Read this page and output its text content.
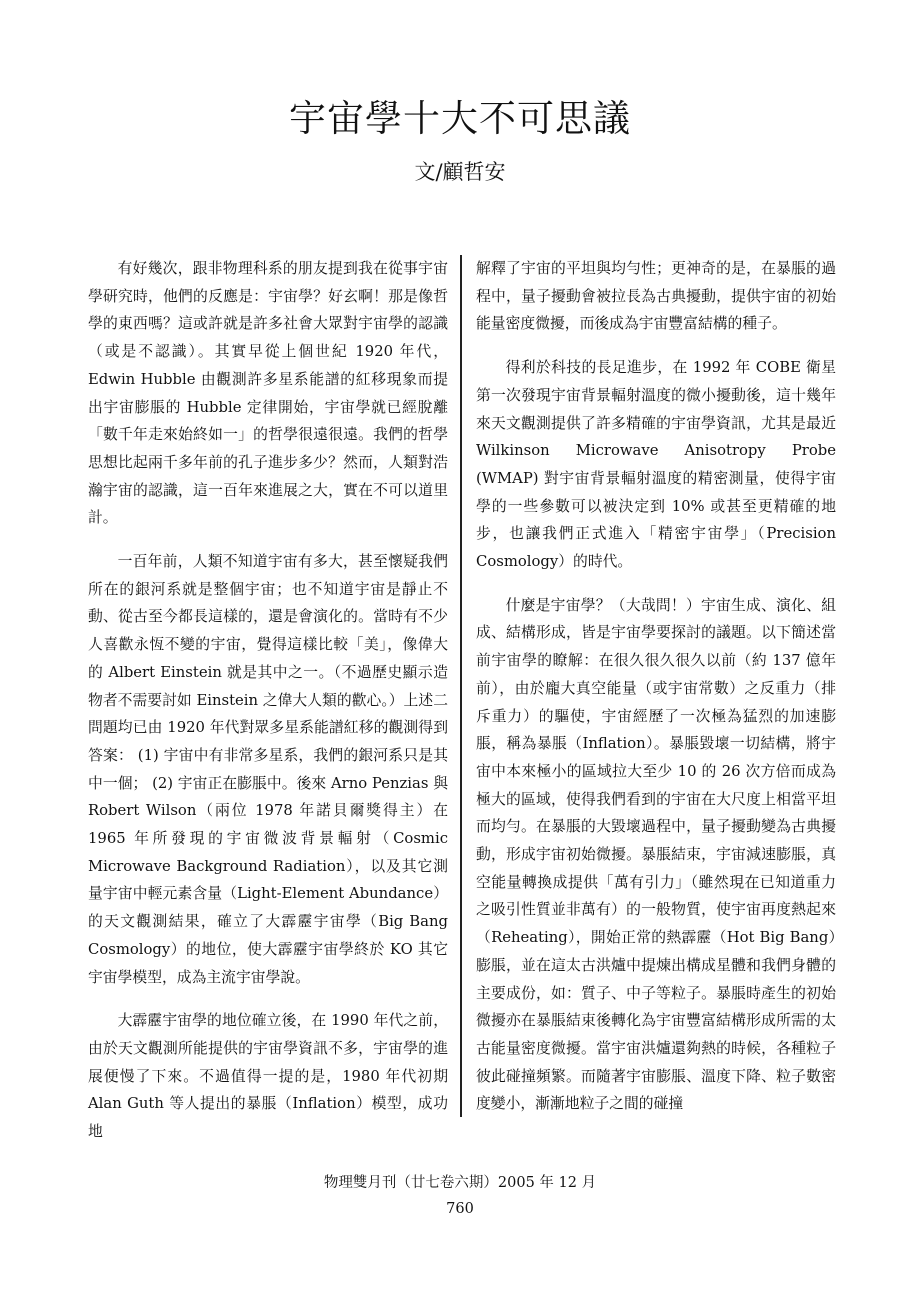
宇宙學十大不可思議
文/顧哲安

有好幾次，跟非物理科系的朋友提到我在從事宇宙學研究時，他們的反應是：宇宙學？好玄啊！那是像哲學的東西嗎？這或許就是許多社會大眾對宇宙學的認識（或是不認識）。其實早從上個世紀 1920 年代，Edwin Hubble 由觀測許多星系能譜的紅移現象而提出宇宙膨脹的 Hubble 定律開始，宇宙學就已經脫離「數千年走來始終如一」的哲學很遠很遠。我們的哲學思想比起兩千多年前的孔子進步多少？然而，人類對浩瀚宇宙的認識，這一百年來進展之大，實在不可以道里計。

一百年前，人類不知道宇宙有多大，甚至懷疑我們所在的銀河系就是整個宇宙；也不知道宇宙是靜止不動、從古至今都長這樣的，還是會演化的。當時有不少人喜歡永恆不變的宇宙，覺得這樣比較「美」，像偉大的 Albert Einstein 就是其中之一。（不過歷史顯示造物者不需要討如 Einstein 之偉大人類的歡心。）上述二問題均已由 1920 年代對眾多星系能譜紅移的觀測得到答案： (1) 宇宙中有非常多星系，我們的銀河系只是其中一個； (2) 宇宙正在膨脹中。後來 Arno Penzias 與 Robert Wilson（兩位 1978 年諾貝爾獎得主）在 1965 年所發現的宇宙微波背景輻射（Cosmic Microwave Background Radiation），以及其它測量宇宙中輕元素含量（Light-Element Abundance）的天文觀測結果，確立了大霹靂宇宙學（Big Bang Cosmology）的地位，使大霹靂宇宙學終於 KO 其它宇宙學模型，成為主流宇宙學說。

大霹靂宇宙學的地位確立後，在 1990 年代之前，由於天文觀測所能提供的宇宙學資訊不多，宇宙學的進展便慢了下來。不過值得一提的是，1980 年代初期 Alan Guth 等人提出的暴脹（Inflation）模型，成功地

解釋了宇宙的平坦與均勻性；更神奇的是，在暴脹的過程中，量子擾動會被拉長為古典擾動，提供宇宙的初始能量密度微擾，而後成為宇宙豐富結構的種子。

得利於科技的長足進步，在 1992 年 COBE 衛星第一次發現宇宙背景輻射溫度的微小擾動後，這十幾年來天文觀測提供了許多精確的宇宙學資訊，尤其是最近 Wilkinson Microwave Anisotropy Probe (WMAP) 對宇宙背景輻射溫度的精密測量，使得宇宙學的一些參數可以被決定到 10% 或甚至更精確的地步，也讓我們正式進入「精密宇宙學」（Precision Cosmology）的時代。

什麼是宇宙學？（大哉問！）宇宙生成、演化、組成、結構形成，皆是宇宙學要探討的議題。以下簡述當前宇宙學的瞭解：在很久很久很久以前（約 137 億年前），由於龐大真空能量（或宇宙常數）之反重力（排斥重力）的驅使，宇宙經歷了一次極為猛烈的加速膨脹，稱為暴脹（Inflation）。暴脹毀壞一切結構，將宇宙中本來極小的區域拉大至少 10 的 26 次方倍而成為極大的區域，使得我們看到的宇宙在大尺度上相當平坦而均勻。在暴脹的大毀壞過程中，量子擾動變為古典擾動，形成宇宙初始微擾。暴脹結束，宇宙減速膨脹，真空能量轉換成提供「萬有引力」（雖然現在已知道重力之吸引性質並非萬有）的一般物質，使宇宙再度熱起來（Reheating），開始正常的熱霹靂（Hot Big Bang）膨脹，並在這太古洪爐中提煉出構成星體和我們身體的主要成份，如：質子、中子等粒子。暴脹時產生的初始微擾亦在暴脹結束後轉化為宇宙豐富結構形成所需的太古能量密度微擾。當宇宙洪爐還夠熱的時候，各種粒子彼此碰撞頻繁。而隨著宇宙膨脹、溫度下降、粒子數密度變小，漸漸地粒子之間的碰撞

物理雙月刊（廿七卷六期）2005 年 12 月
760
